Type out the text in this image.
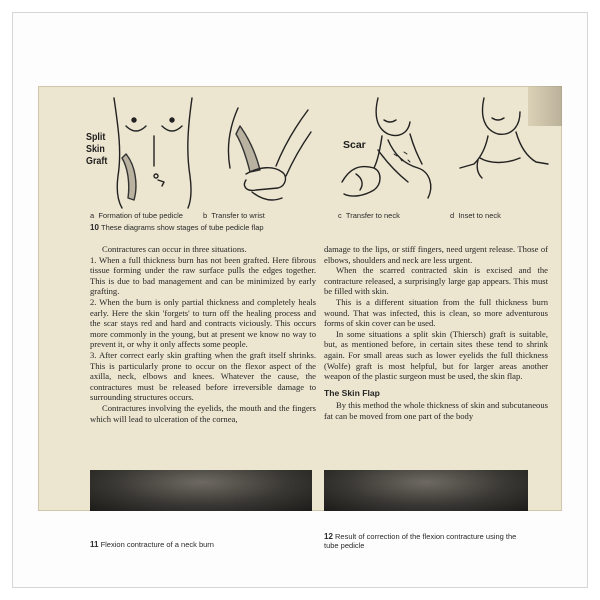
Split
Skin
Graft
Scar
a Formation of tube pedicle	b Transfer to wrist	c Transfer to neck	d Inset to neck
10 These diagrams show stages of tube pedicle flap

Contractures can occur in three situations.

1. When a full thickness burn has not been grafted. Here fibrous tissue forming under the raw surface pulls the edges together. This is due to bad management and can be minimized by early grafting.

2. When the burn is only partial thickness and completely heals early. Here the skin 'forgets' to turn off the healing process and the scar stays red and hard and contracts viciously. This occurs more commonly in the young, but at present we know no way to prevent it, or why it only affects some people.

3. After correct early skin grafting when the graft itself shrinks. This is particularly prone to occur on the flexor aspect of the axilla, neck, elbows and knees. Whatever the cause, the contractures must be released before irreversible damage to surrounding structures occurs.

Contractures involving the eyelids, the mouth and the fingers which will lead to ulceration of the cornea,

damage to the lips, or stiff fingers, need urgent release. Those of elbows, shoulders and neck are less urgent.

When the scarred contracted skin is excised and the contracture released, a surprisingly large gap appears. This must be filled with skin.

This is a different situation from the full thickness burn wound. That was infected, this is clean, so more adventurous forms of skin cover can be used.

In some situations a split skin (Thiersch) graft is suitable, but, as mentioned before, in certain sites these tend to shrink again. For small areas such as lower eyelids the full thickness (Wolfe) graft is most helpful, but for larger areas another weapon of the plastic surgeon must be used, the skin flap.

The Skin Flap

By this method the whole thickness of skin and subcutaneous fat can be moved from one part of the body

11 Flexion contracture of a neck burn
12 Result of correction of the flexion contracture using the
tube pedicle
